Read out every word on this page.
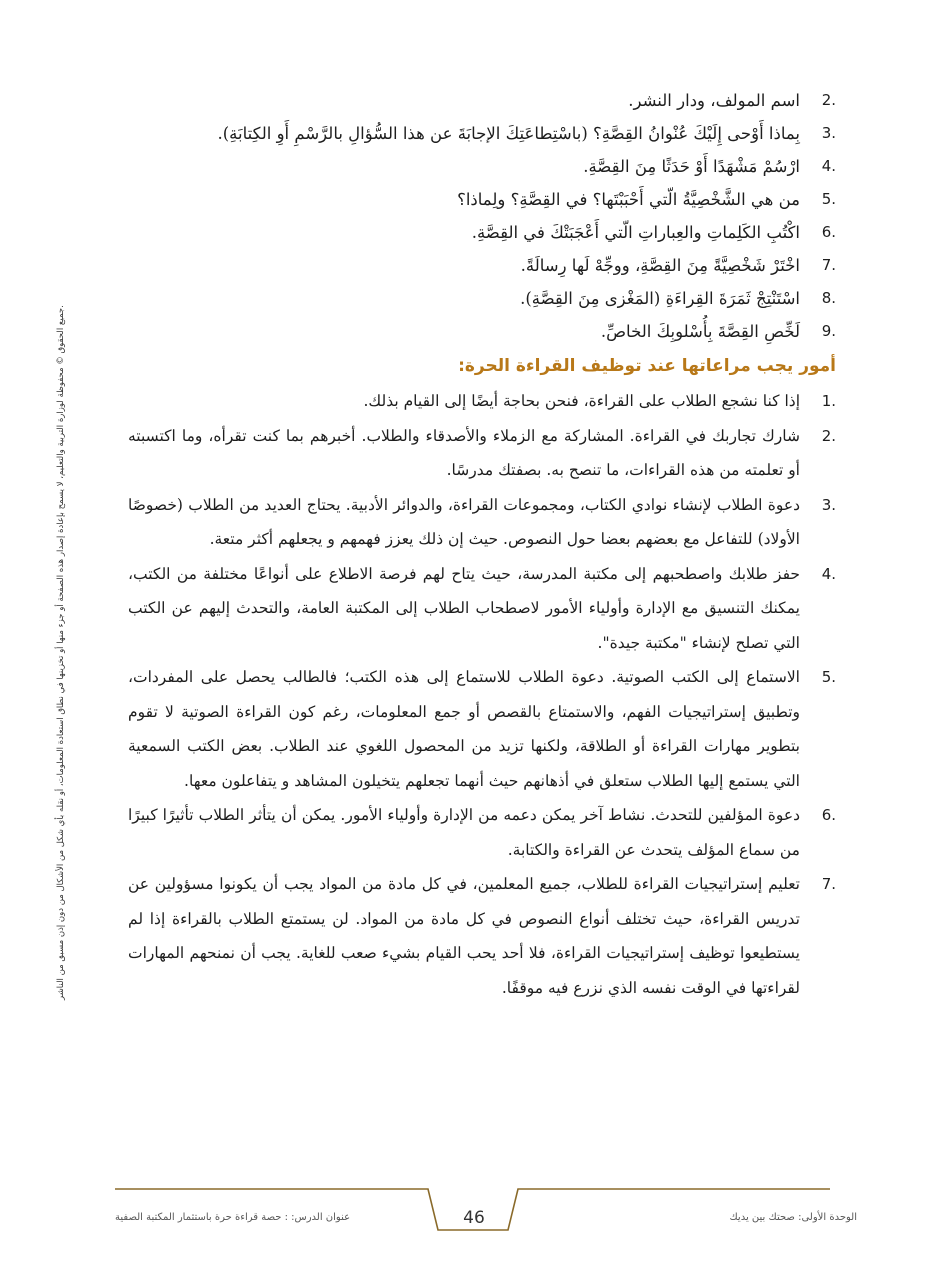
جميع الحقوق © محفوظة لوزارة التربية والتعليم، لا يسمح بإعادة إصدار هذه الصفحة أو جزء منها أو تخزينها في نطاق استعادة المعلومات، أو نقله بأي شكل من الأشكال من دون إذن مسبق من الناشر.
2.
اسم المولف، ودار النشر.
3.
بِماذا أَوْحى إِلَيْكَ عُنْوانُ القِصَّةِ؟ (باسْتِطاعَتِكَ الإجابَةَ عن هذا السُّؤالِ بالرَّسْمِ أَوِ الكِتابَةِ).
4.
ارْسُمْ مَشْهَدًا أَوْ حَدَثًا مِنَ القِصَّةِ.
5.
من هي الشَّخْصِيَّةُ الّتي أَحْبَبْتَها؟ في القِصَّةِ؟ ولِماذا؟
6.
اكْتُبِ الكَلِماتِ والعِباراتِ الّتي أَعْجَبَتْكَ في القِصَّةِ.
7.
اخْتَرْ شَخْصِيَّةً مِنَ القِصَّةِ، ووجِّهْ لَها رِسالَةً.
8.
اسْتَنْتِجْ ثَمَرَةَ القِراءَةِ (المَغْزى مِنَ القِصَّةِ).
9.
لَخِّصِ القِصَّةَ بِأُسْلوبِكَ الخاصِّ.
أمور يجب مراعاتها عند توظيف القراءة الحرة:
1.
إذا كنا نشجع الطلاب على القراءة، فنحن بحاجة أيضًا إلى القيام بذلك.
2.
شارك تجاربك في القراءة. المشاركة مع الزملاء والأصدقاء والطلاب. أخبرهم بما كنت تقرأه، وما اكتسبته أو تعلمته من هذه القراءات، ما تنصح به. بصفتك مدرسًا.
3.
دعوة الطلاب لإنشاء نوادي الكتاب، ومجموعات القراءة، والدوائر الأدبية. يحتاج العديد من الطلاب (خصوصًا الأولاد) للتفاعل مع بعضهم بعضا حول النصوص. حيث إن ذلك يعزز فهمهم و يجعلهم أكثر متعة.
4.
حفز طلابك واصطحبهم إلى مكتبة المدرسة، حيث يتاح لهم فرصة الاطلاع على أنواعًا مختلفة من الكتب، يمكنك التنسيق مع الإدارة وأولياء الأمور لاصطحاب الطلاب إلى المكتبة العامة، والتحدث إليهم عن الكتب التي تصلح لإنشاء "مكتبة جيدة".
5.
الاستماع إلى الكتب الصوتية. دعوة الطلاب للاستماع إلى هذه الكتب؛ فالطالب يحصل على المفردات، وتطبيق إستراتيجيات الفهم، والاستمتاع بالقصص أو جمع المعلومات، رغم كون القراءة الصوتية لا تقوم بتطوير مهارات القراءة أو الطلاقة، ولكنها تزيد من المحصول اللغوي عند الطلاب. بعض الكتب السمعية التي يستمع إليها الطلاب ستعلق في أذهانهم حيث أنهما تجعلهم يتخيلون المشاهد و يتفاعلون معها.
6.
دعوة المؤلفين للتحدث. نشاط آخر يمكن دعمه من الإدارة وأولياء الأمور. يمكن أن يتأثر الطلاب تأثيرًا كبيرًا من سماع المؤلف يتحدث عن القراءة والكتابة.
7.
تعليم إستراتيجيات القراءة للطلاب، جميع المعلمين، في كل مادة من المواد يجب أن يكونوا مسؤولين عن تدريس القراءة، حيث تختلف أنواع النصوص في كل مادة من المواد. لن يستمتع الطلاب بالقراءة إذا لم يستطيعوا توظيف إستراتيجيات القراءة، فلا أحد يحب القيام بشيء صعب للغاية. يجب أن نمنحهم المهارات لقراءتها في الوقت نفسه الذي نزرع فيه موقفًا.
عنوان الدرس: : حصة قراءة حرة باستثمار المكتبة الصفية	46	الوحدة الأولى: صحتك بين يديك
